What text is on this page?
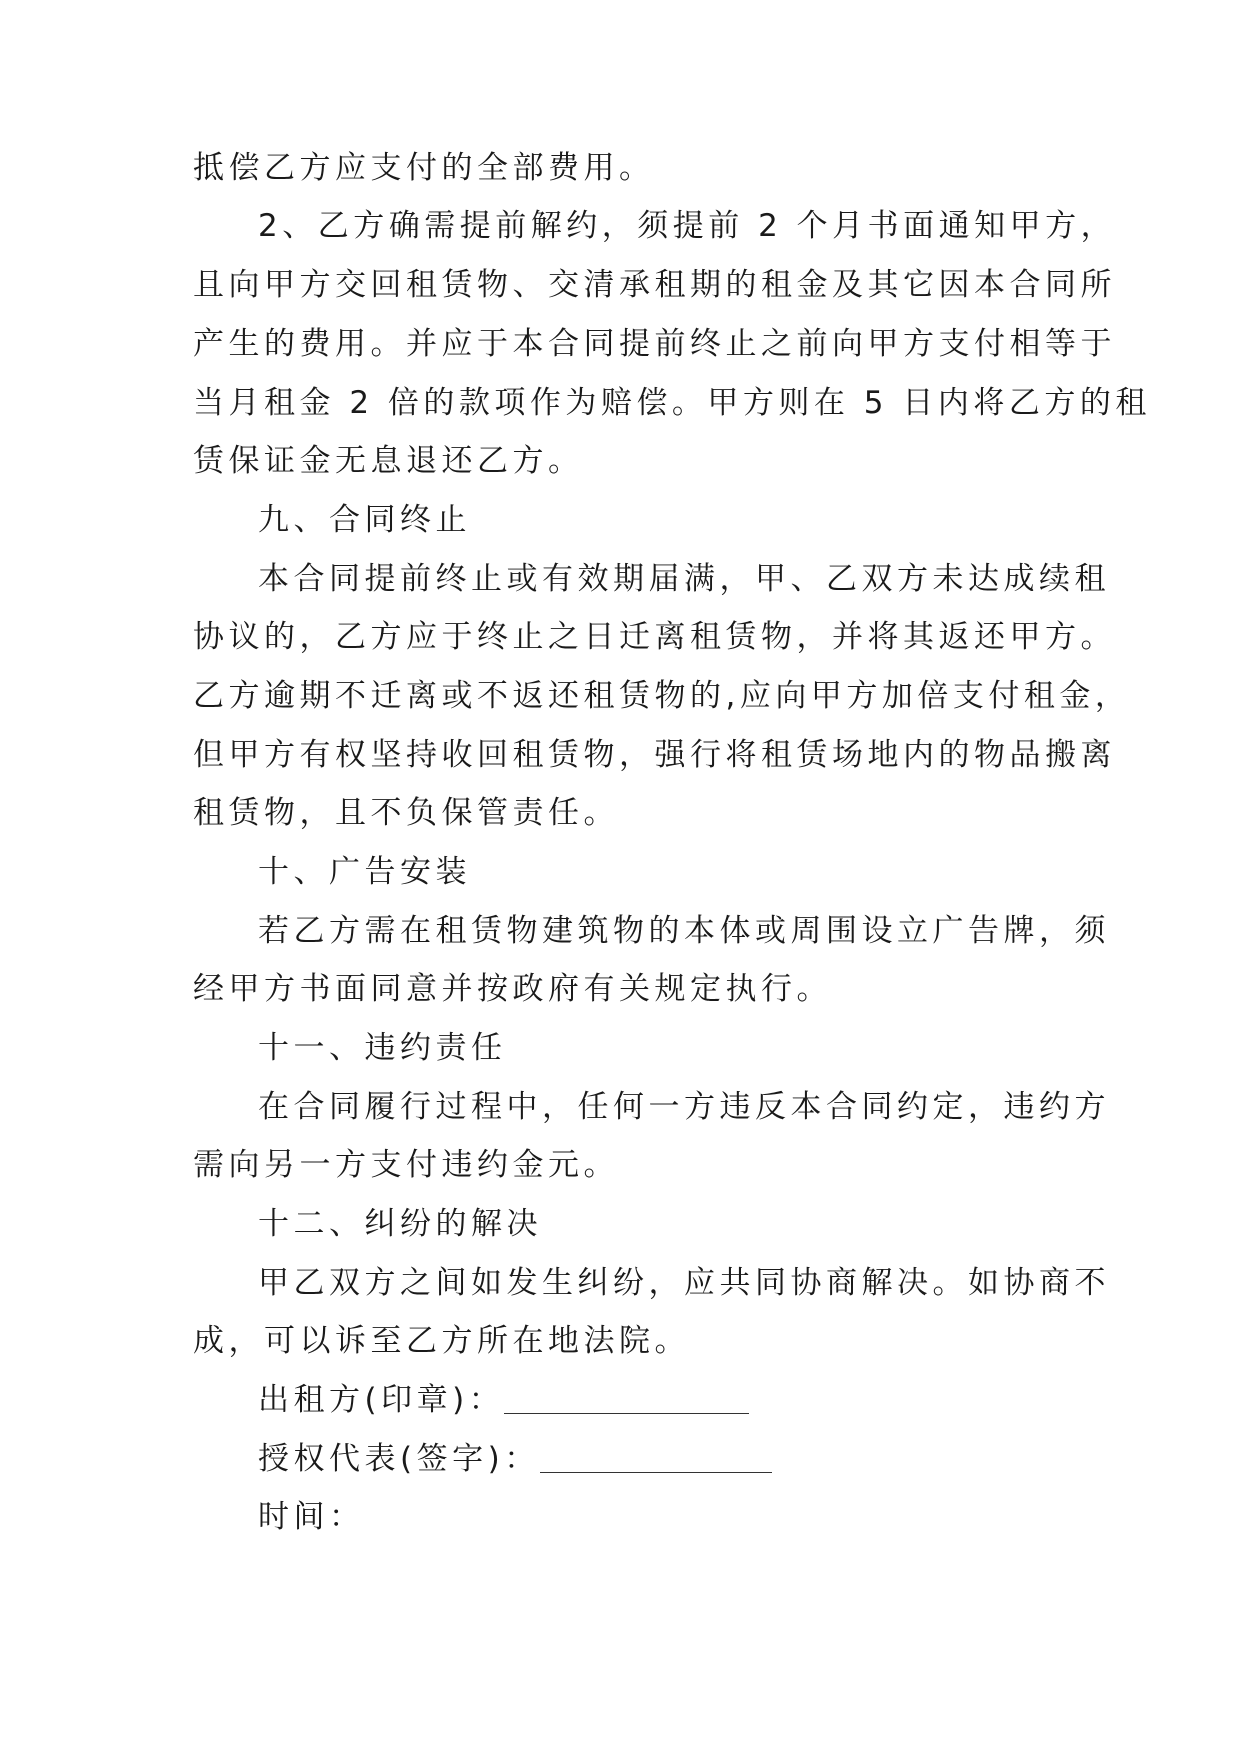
抵偿乙方应支付的全部费用。
2、乙方确需提前解约，须提前 2 个月书面通知甲方，
且向甲方交回租赁物、交清承租期的租金及其它因本合同所
产生的费用。并应于本合同提前终止之前向甲方支付相等于
当月租金 2 倍的款项作为赔偿。甲方则在 5 日内将乙方的租
赁保证金无息退还乙方。
九、合同终止
本合同提前终止或有效期届满，甲、乙双方未达成续租
协议的，乙方应于终止之日迁离租赁物，并将其返还甲方。
乙方逾期不迁离或不返还租赁物的,应向甲方加倍支付租金，
但甲方有权坚持收回租赁物，强行将租赁场地内的物品搬离
租赁物，且不负保管责任。
十、广告安装
若乙方需在租赁物建筑物的本体或周围设立广告牌，须
经甲方书面同意并按政府有关规定执行。
十一、违约责任
在合同履行过程中，任何一方违反本合同约定，违约方
需向另一方支付违约金元。
十二、纠纷的解决
甲乙双方之间如发生纠纷，应共同协商解决。如协商不
成，可以诉至乙方所在地法院。
出租方(印章)：
授权代表(签字)：
时间：
